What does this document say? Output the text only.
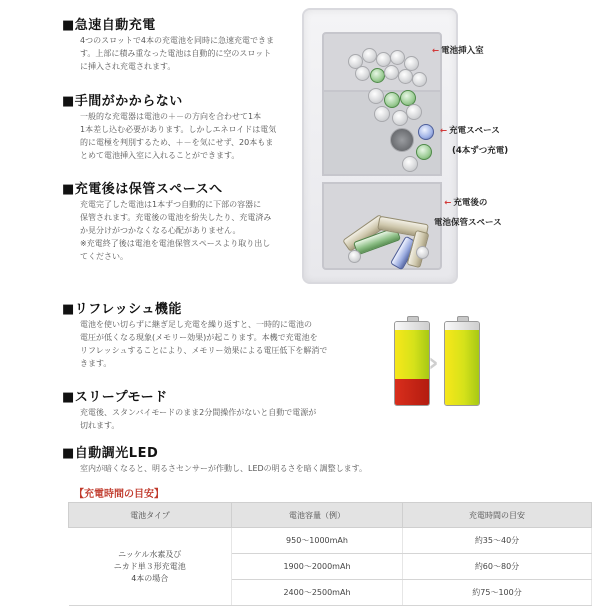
■急速自動充電
4つのスロットで4本の充電池を同時に急速充電できま
す。上部に積み重なった電池は自動的に空のスロット
に挿入され充電されます。
■手間がかからない
一般的な充電器は電池の＋－の方向を合わせて1本
1本差し込む必要があります。しかしエネロイドは電気
的に電極を判別するため、＋－を気にせず、20本もま
とめて電池挿入室に入れることができます。
■充電後は保管スペースへ
充電完了した電池は1本ずつ自動的に下部の容器に
保管されます。充電後の電池を紛失したり、充電済み
か見分けがつかなくなる心配がありません。
※充電終了後は電池を電池保管スペースより取り出し
てください。
← 電池挿入室
← 充電スペース
(4本ずつ充電)
← 充電後の
電池保管スペース
■リフレッシュ機能
電池を使い切らずに継ぎ足し充電を繰り返すと、一時的に電池の
電圧が低くなる現象(メモリー効果)が起こります。本機で充電池を
リフレッシュすることにより、メモリー効果による電圧低下を解消で
きます。
■スリープモード
充電後、スタンバイモードのまま2分間操作がないと自動で電源が
切れます。
■自動調光LED
室内が暗くなると、明るさセンサーが作動し、LEDの明るさを暗く調整します。
›
【充電時間の目安】
電池タイプ	電池容量（例）	充電時間の目安

ニッケル水素及び
ニカド単３形充電池
4本の場合	950～1000mAh	約35～40分
	1900～2000mAh	約60～80分
	2400～2500mAh	約75～100分
